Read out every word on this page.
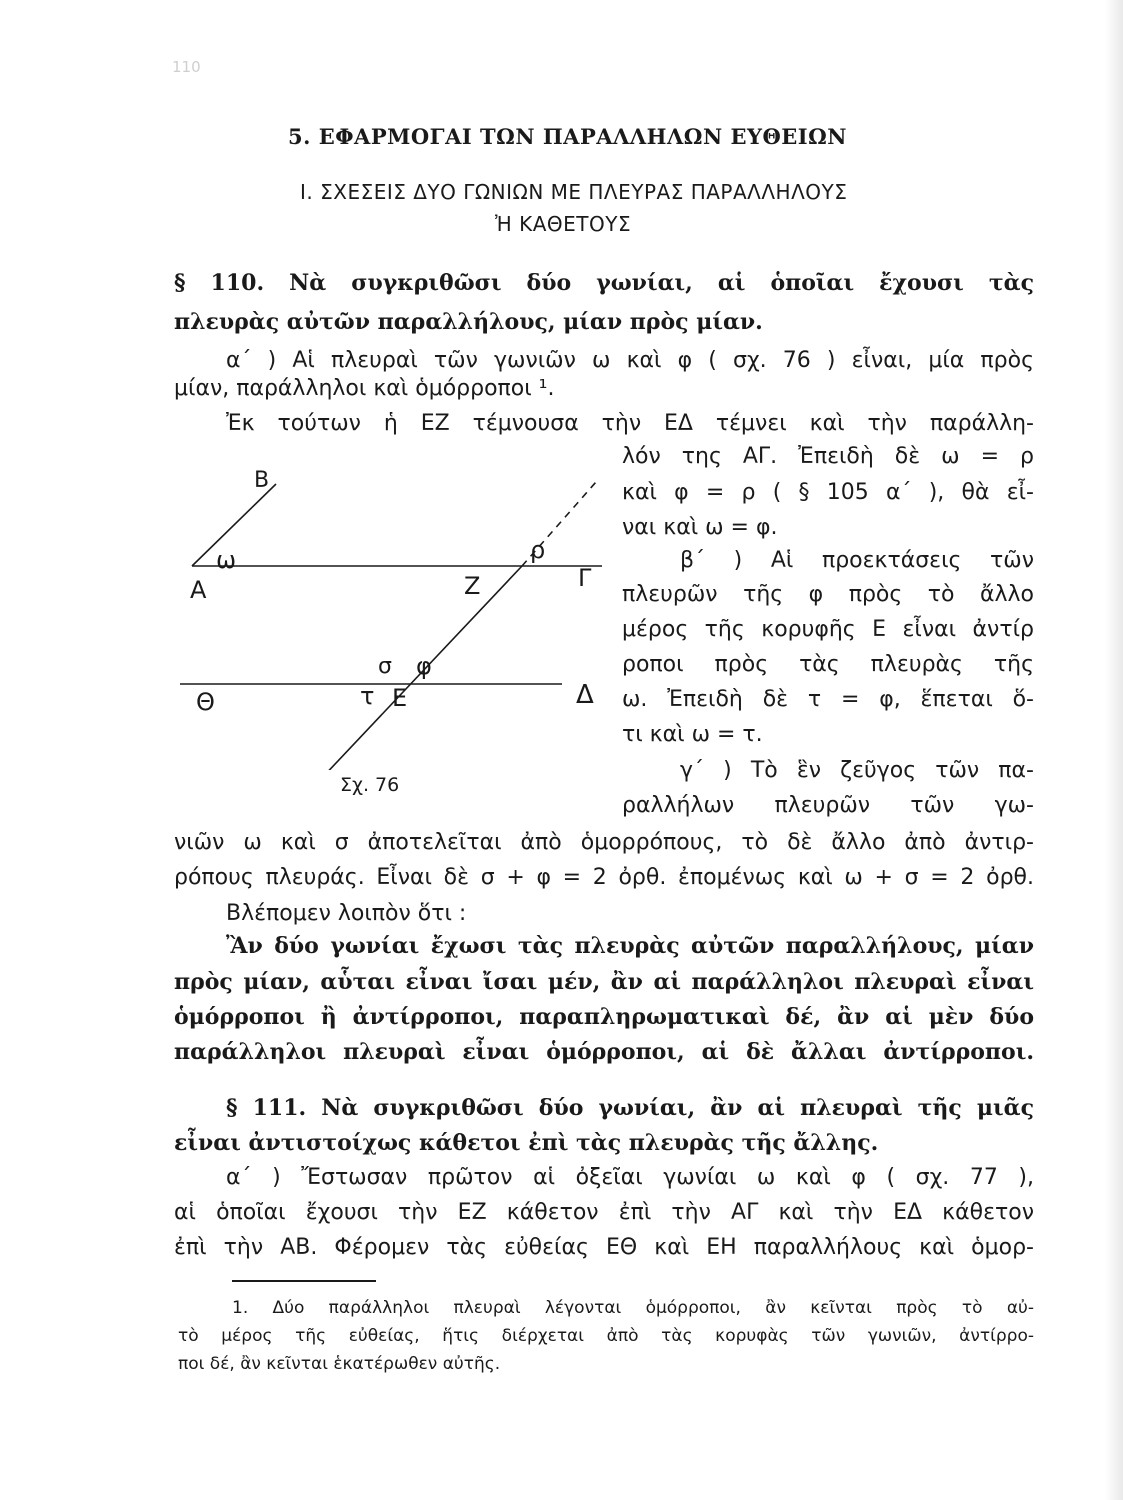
110
5. ΕΦΑΡΜΟΓΑΙ ΤΩΝ ΠΑΡΑΛΛΗΛΩΝ ΕΥΘΕΙΩΝ
Ι. ΣΧΕΣΕΙΣ ΔΥΟ ΓΩΝΙΩΝ ΜΕ ΠΛΕΥΡΑΣ ΠΑΡΑΛΛΗΛΟΥΣ
Ἠ ΚΑΘΕΤΟΥΣ
§ 110. Νὰ συγκριθῶσι δύο γωνίαι, αἱ ὁποῖαι ἔχουσι τὰς
πλευρὰς αὐτῶν παραλλήλους, μίαν πρὸς μίαν.
α΄ ) Αἱ πλευραὶ τῶν γωνιῶν ω καὶ φ ( σχ. 76 ) εἶναι, μία πρὸς
μίαν, παράλληλοι καὶ ὁμόρροποι ¹.
Ἐκ τούτων ἡ ΕΖ τέμνουσα τὴν ΕΔ τέμνει καὶ τὴν παράλλη-
λόν της ΑΓ. Ἐπειδὴ δὲ ω = ρ
καὶ φ = ρ ( § 105 α΄ ), θὰ εἶ-
ναι καὶ ω = φ.
β΄ ) Αἱ προεκτάσεις τῶν
πλευρῶν τῆς φ πρὸς τὸ ἄλλο
μέρος τῆς κορυφῆς Ε εἶναι ἀντίρ
ροποι πρὸς τὰς πλευρὰς τῆς
ω. Ἐπειδὴ δὲ τ = φ, ἕπεται ὅ-
τι καὶ ω = τ.
γ΄ ) Τὸ ἓν ζεῦγος τῶν πα-
ραλλήλων πλευρῶν τῶν γω-
Β
ω
Α	Ζ
ρ
Γ
σ φ
Θ	τ Ε	Δ
Σχ. 76
νιῶν ω καὶ σ ἀποτελεῖται ἀπὸ ὁμορρόπους, τὸ δὲ ἄλλο ἀπὸ ἀντιρ-
ρόπους πλευράς. Εἶναι δὲ σ + φ = 2 ὀρθ. ἐπομένως καὶ ω + σ = 2 ὀρθ.
Βλέπομεν λοιπὸν ὅτι :
Ἂν δύο γωνίαι ἔχωσι τὰς πλευρὰς αὐτῶν παραλλήλους, μίαν
πρὸς μίαν, αὗται εἶναι ἴσαι μέν, ἂν αἱ παράλληλοι πλευραὶ εἶναι
ὁμόρροποι ἢ ἀντίρροποι, παραπληρωματικαὶ δέ, ἂν αἱ μὲν δύο
παράλληλοι πλευραὶ εἶναι ὁμόρροποι, αἱ δὲ ἄλλαι ἀντίρροποι.
§ 111. Νὰ συγκριθῶσι δύο γωνίαι, ἂν αἱ πλευραὶ τῆς μιᾶς
εἶναι ἀντιστοίχως κάθετοι ἐπὶ τὰς πλευρὰς τῆς ἄλλης.
α΄ ) Ἔστωσαν πρῶτον αἱ ὀξεῖαι γωνίαι ω καὶ φ ( σχ. 77 ),
αἱ ὁποῖαι ἔχουσι τὴν ΕΖ κάθετον ἐπὶ τὴν ΑΓ καὶ τὴν ΕΔ κάθετον
ἐπὶ τὴν ΑΒ. Φέρομεν τὰς εὐθείας ΕΘ καὶ ΕΗ παραλλήλους καὶ ὁμορ-
1. Δύο παράλληλοι πλευραὶ λέγονται ὁμόρροποι, ἂν κεῖνται πρὸς τὸ αὐ-
τὸ μέρος τῆς εὐθείας, ἥτις διέρχεται ἀπὸ τὰς κορυφὰς τῶν γωνιῶν, ἀντίρρο-
ποι δέ, ἂν κεῖνται ἑκατέρωθεν αὐτῆς.
